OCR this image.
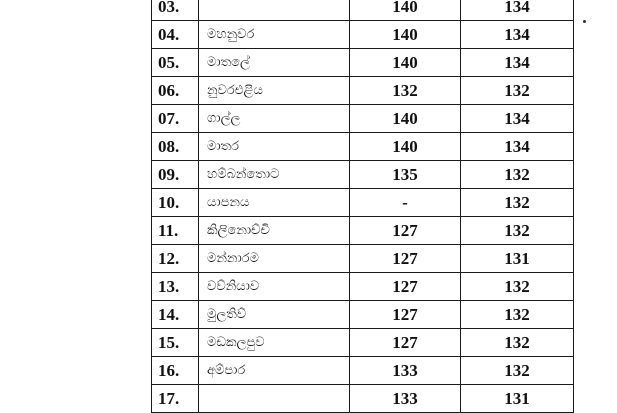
03.		140	134
04.	මහනුවර	140	134
05.	මාතලේ	140	134
06.	නුවරඑළිය	132	132
07.	ගාල්ල	140	134
08.	මාතර	140	134
09.	හම්බන්තොට	135	132
10.	යාපනය	-	132
11.	කිලිනොච්චි	127	132
12.	මන්නාරම	127	131
13.	වව්නියාව	127	132
14.	මුලතිව්	127	132
15.	මඩකලපුව	127	132
16.	අම්පාර	133	132
17.		133	131
